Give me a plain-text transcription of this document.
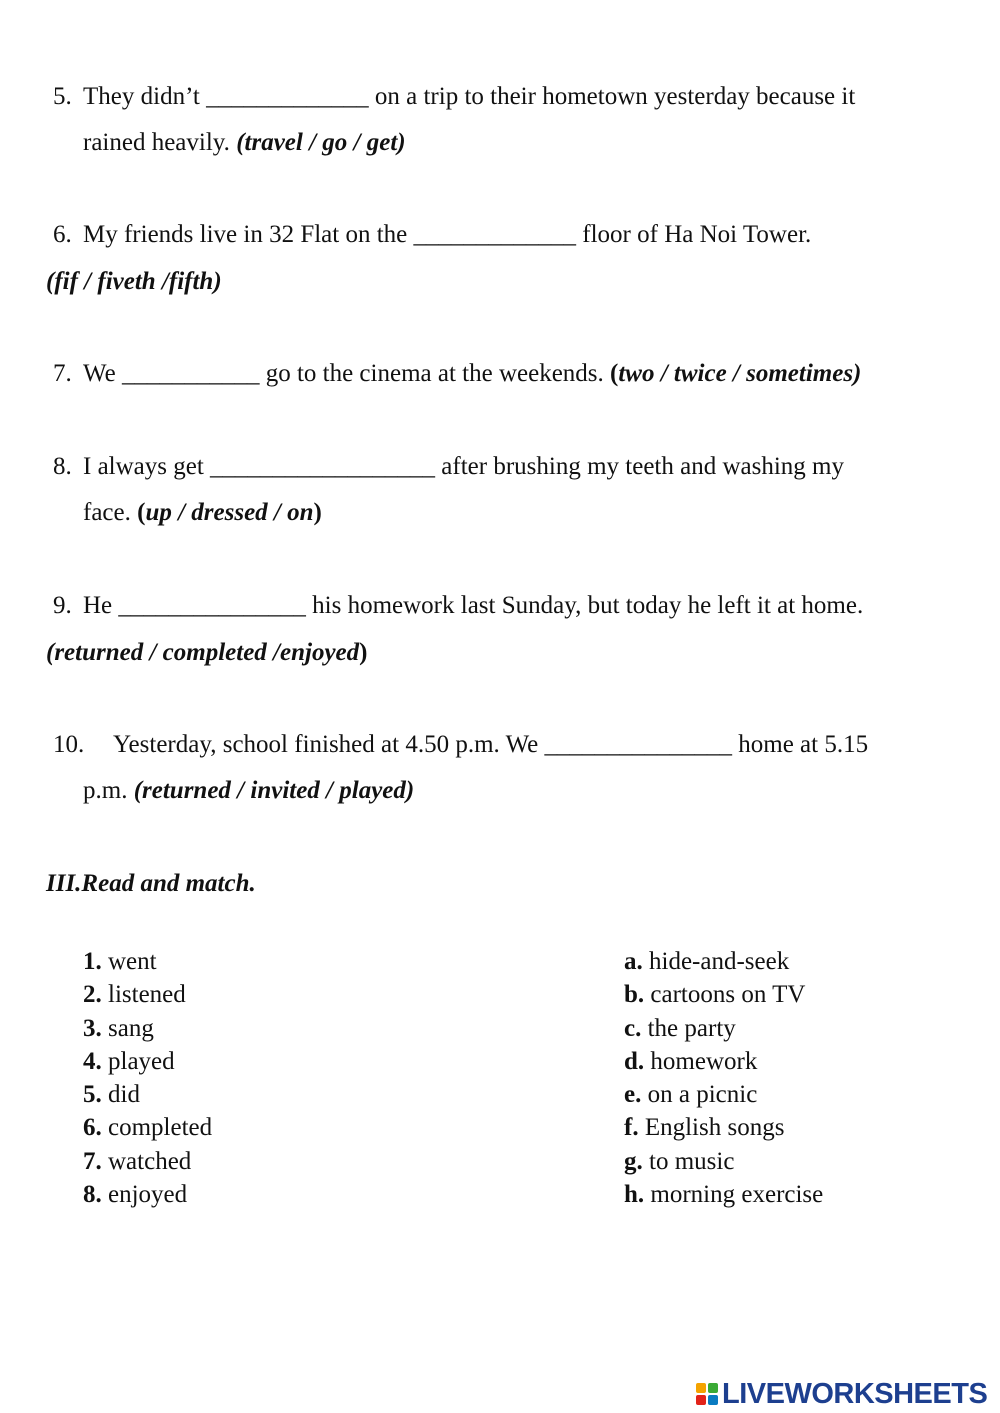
5. They didn’t _____________ on a trip to their hometown yesterday because it
rained heavily. (travel / go / get)
6. My friends live in 32 Flat on the _____________ floor of Ha Noi Tower.
(fif / fiveth /fifth)
7. We ___________ go to the cinema at the weekends. (two / twice / sometimes)
8. I always get __________________ after brushing my teeth and washing my
face. (up / dressed / on)
9. He _______________ his homework last Sunday, but today he left it at home.
(returned / completed /enjoyed)
10. Yesterday, school finished at 4.50 p.m. We _______________ home at 5.15
p.m. (returned / invited / played)
III.Read and match.
1. went
2. listened
3. sang
4. played
5. did
6. completed
7. watched
8. enjoyed
a. hide-and-seek
b. cartoons on TV
c. the party
d. homework
e. on a picnic
f. English songs
g. to music
h. morning exercise
LIVEWORKSHEETS
